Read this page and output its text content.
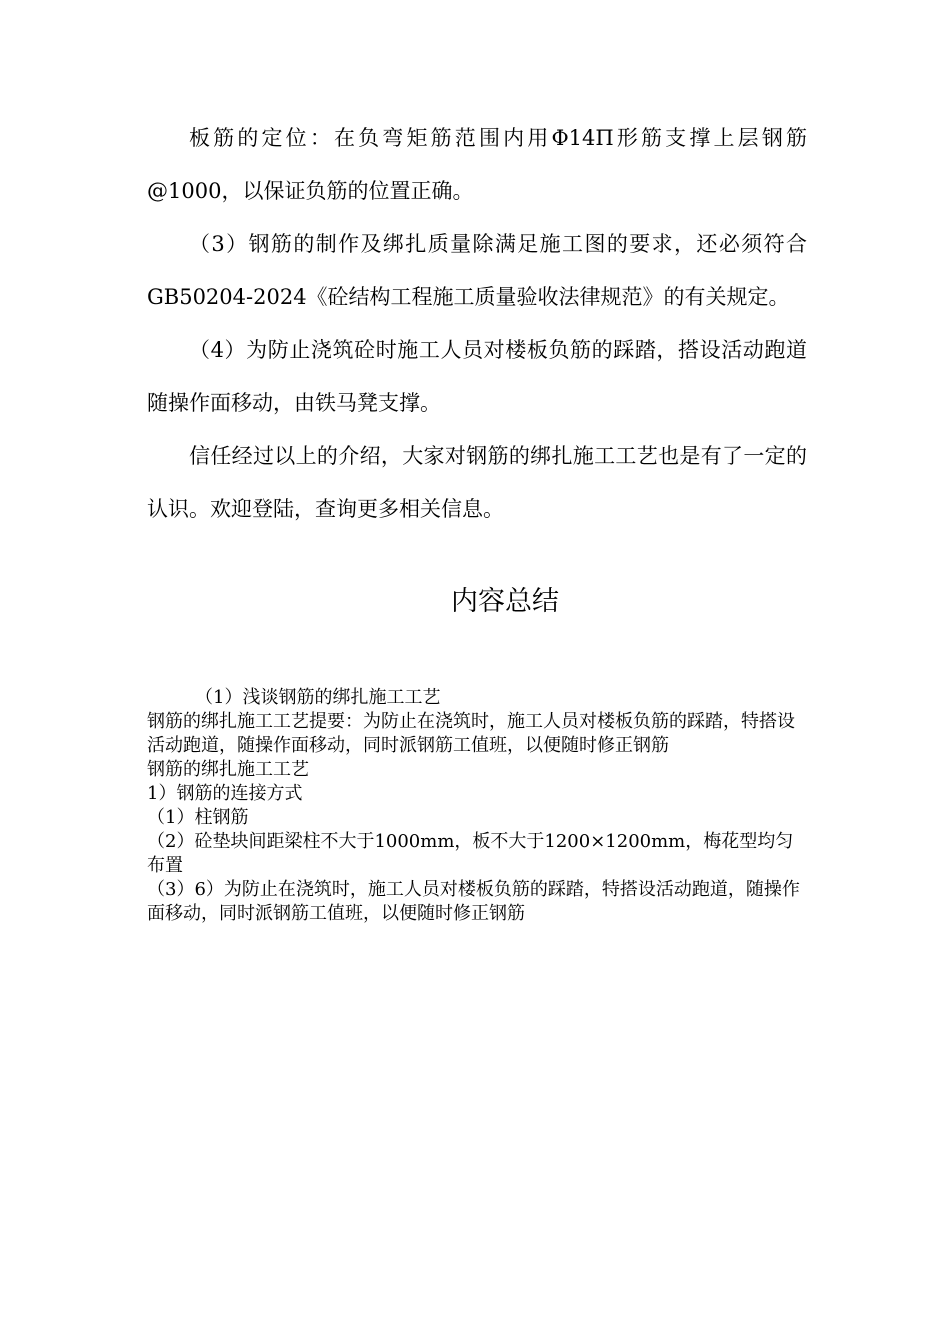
板筋的定位：在负弯矩筋范围内用Φ14Π形筋支撑上层钢筋@1000，以保证负筋的位置正确。

（3）钢筋的制作及绑扎质量除满足施工图的要求，还必须符合GB50204-2024《砼结构工程施工质量验收法律规范》的有关规定。

（4）为防止浇筑砼时施工人员对楼板负筋的踩踏，搭设活动跑道随操作面移动，由铁马凳支撑。

信任经过以上的介绍，大家对钢筋的绑扎施工工艺也是有了一定的认识。欢迎登陆，查询更多相关信息。

内容总结

（1）浅谈钢筋的绑扎施工工艺

钢筋的绑扎施工工艺提要：为防止在浇筑时，施工人员对楼板负筋的踩踏，特搭设活动跑道，随操作面移动，同时派钢筋工值班，以便随时修正钢筋

钢筋的绑扎施工工艺

1）钢筋的连接方式

（1）柱钢筋

（2）砼垫块间距梁柱不大于1000mm，板不大于1200×1200mm，梅花型均匀布置

（3）6）为防止在浇筑时，施工人员对楼板负筋的踩踏，特搭设活动跑道，随操作面移动，同时派钢筋工值班，以便随时修正钢筋
